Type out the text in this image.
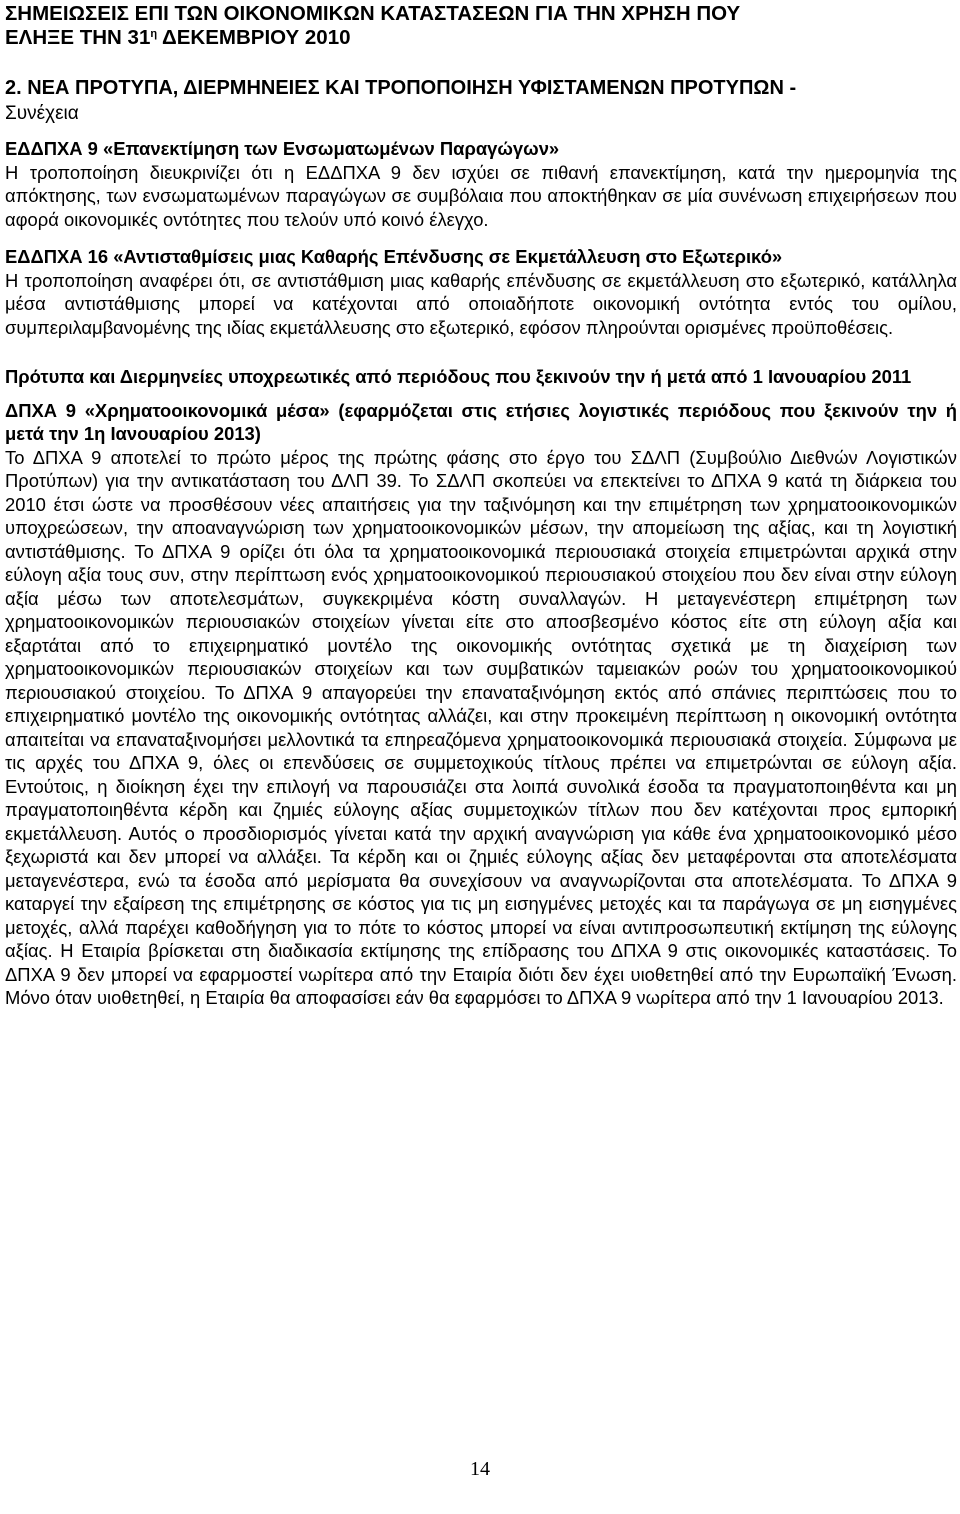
ΣΗΜΕΙΩΣΕΙΣ ΕΠΙ ΤΩΝ ΟΙΚΟΝΟΜΙΚΩΝ ΚΑΤΑΣΤΑΣΕΩΝ ΓΙΑ ΤΗΝ ΧΡΗΣΗ ΠΟΥ
ΕΛΗΞΕ ΤΗΝ $31^\eta$ ΔΕΚΕΜΒΡΙΟΥ 2010
2. ΝΕΑ ΠΡΟΤΥΠΑ, ΔΙΕΡΜΗΝΕΙΕΣ ΚΑΙ ΤΡΟΠΟΠΟΙΗΣΗ ΥΦΙΣΤΑΜΕΝΩΝ ΠΡΟΤΥΠΩΝ -
Συνέχεια
ΕΔΔΠΧΑ 9 «Επανεκτίμηση των Ενσωματωμένων Παραγώγων»
Η τροποποίηση διευκρινίζει ότι η ΕΔΔΠΧΑ 9 δεν ισχύει σε πιθανή επανεκτίμηση, κατά την ημερομηνία της απόκτησης, των ενσωματωμένων παραγώγων σε συμβόλαια που αποκτήθηκαν σε μία συνένωση επιχειρήσεων που αφορά οικονομικές οντότητες που τελούν υπό κοινό έλεγχο.
ΕΔΔΠΧΑ 16 «Αντισταθμίσεις μιας Καθαρής Επένδυσης σε Εκμετάλλευση στο Εξωτερικό»
Η τροποποίηση αναφέρει ότι, σε αντιστάθμιση μιας καθαρής επένδυσης σε εκμετάλλευση στο εξωτερικό, κατάλληλα μέσα αντιστάθμισης μπορεί να κατέχονται από οποιαδήποτε οικονομική οντότητα εντός του ομίλου, συμπεριλαμβανομένης της ιδίας εκμετάλλευσης στο εξωτερικό, εφόσον πληρούνται ορισμένες προϋποθέσεις.
Πρότυπα και Διερμηνείες υποχρεωτικές από περιόδους που ξεκινούν την ή μετά από 1 Ιανουαρίου 2011
ΔΠΧΑ 9 «Χρηματοοικονομικά μέσα» (εφαρμόζεται στις ετήσιες λογιστικές περιόδους που ξεκινούν την ή μετά την 1η Ιανουαρίου 2013)
Το ΔΠΧΑ 9 αποτελεί το πρώτο μέρος της πρώτης φάσης στο έργο του ΣΔΛΠ (Συμβούλιο Διεθνών Λογιστικών Προτύπων) για την αντικατάσταση του ΔΛΠ 39. Το ΣΔΛΠ σκοπεύει να επεκτείνει το ΔΠΧΑ 9 κατά τη διάρκεια του 2010 έτσι ώστε να προσθέσουν νέες απαιτήσεις για την ταξινόμηση και την επιμέτρηση των χρηματοοικονομικών υποχρεώσεων, την αποαναγνώριση των χρηματοοικονομικών μέσων, την απομείωση της αξίας, και τη λογιστική αντιστάθμισης. Το ΔΠΧΑ 9 ορίζει ότι όλα τα χρηματοοικονομικά περιουσιακά στοιχεία επιμετρώνται αρχικά στην εύλογη αξία τους συν, στην περίπτωση ενός χρηματοοικονομικού περιουσιακού στοιχείου που δεν είναι στην εύλογη αξία μέσω των αποτελεσμάτων, συγκεκριμένα κόστη συναλλαγών. Η μεταγενέστερη επιμέτρηση των χρηματοοικονομικών περιουσιακών στοιχείων γίνεται είτε στο αποσβεσμένο κόστος είτε στη εύλογη αξία και εξαρτάται από το επιχειρηματικό μοντέλο της οικονομικής οντότητας σχετικά με τη διαχείριση των χρηματοοικονομικών περιουσιακών στοιχείων και των συμβατικών ταμειακών ροών του χρηματοοικονομικού περιουσιακού στοιχείου. Το ΔΠΧΑ 9 απαγορεύει την επαναταξινόμηση εκτός από σπάνιες περιπτώσεις που το επιχειρηματικό μοντέλο της οικονομικής οντότητας αλλάζει, και στην προκειμένη περίπτωση η οικονομική οντότητα απαιτείται να επαναταξινομήσει μελλοντικά τα επηρεαζόμενα χρηματοοικονομικά περιουσιακά στοιχεία. Σύμφωνα με τις αρχές του ΔΠΧΑ 9, όλες οι επενδύσεις σε συμμετοχικούς τίτλους πρέπει να επιμετρώνται σε εύλογη αξία. Εντούτοις, η διοίκηση έχει την επιλογή να παρουσιάζει στα λοιπά συνολικά έσοδα τα πραγματοποιηθέντα και μη πραγματοποιηθέντα κέρδη και ζημιές εύλογης αξίας συμμετοχικών τίτλων που δεν κατέχονται προς εμπορική εκμετάλλευση. Αυτός ο προσδιορισμός γίνεται κατά την αρχική αναγνώριση για κάθε ένα χρηματοοικονομικό μέσο ξεχωριστά και δεν μπορεί να αλλάξει. Τα κέρδη και οι ζημιές εύλογης αξίας δεν μεταφέρονται στα αποτελέσματα μεταγενέστερα, ενώ τα έσοδα από μερίσματα θα συνεχίσουν να αναγνωρίζονται στα αποτελέσματα. Το ΔΠΧΑ 9 καταργεί την εξαίρεση της επιμέτρησης σε κόστος για τις μη εισηγμένες μετοχές και τα παράγωγα σε μη εισηγμένες μετοχές, αλλά παρέχει καθοδήγηση για το πότε το κόστος μπορεί να είναι αντιπροσωπευτική εκτίμηση της εύλογης αξίας. Η Εταιρία βρίσκεται στη διαδικασία εκτίμησης της επίδρασης του ΔΠΧΑ 9 στις οικονομικές καταστάσεις. Το ΔΠΧΑ 9 δεν μπορεί να εφαρμοστεί νωρίτερα από την Εταιρία διότι δεν έχει υιοθετηθεί από την Ευρωπαϊκή Ένωση. Μόνο όταν υιοθετηθεί, η Εταιρία θα αποφασίσει εάν θα εφαρμόσει το ΔΠΧΑ 9 νωρίτερα από την 1 Ιανουαρίου 2013.
14
